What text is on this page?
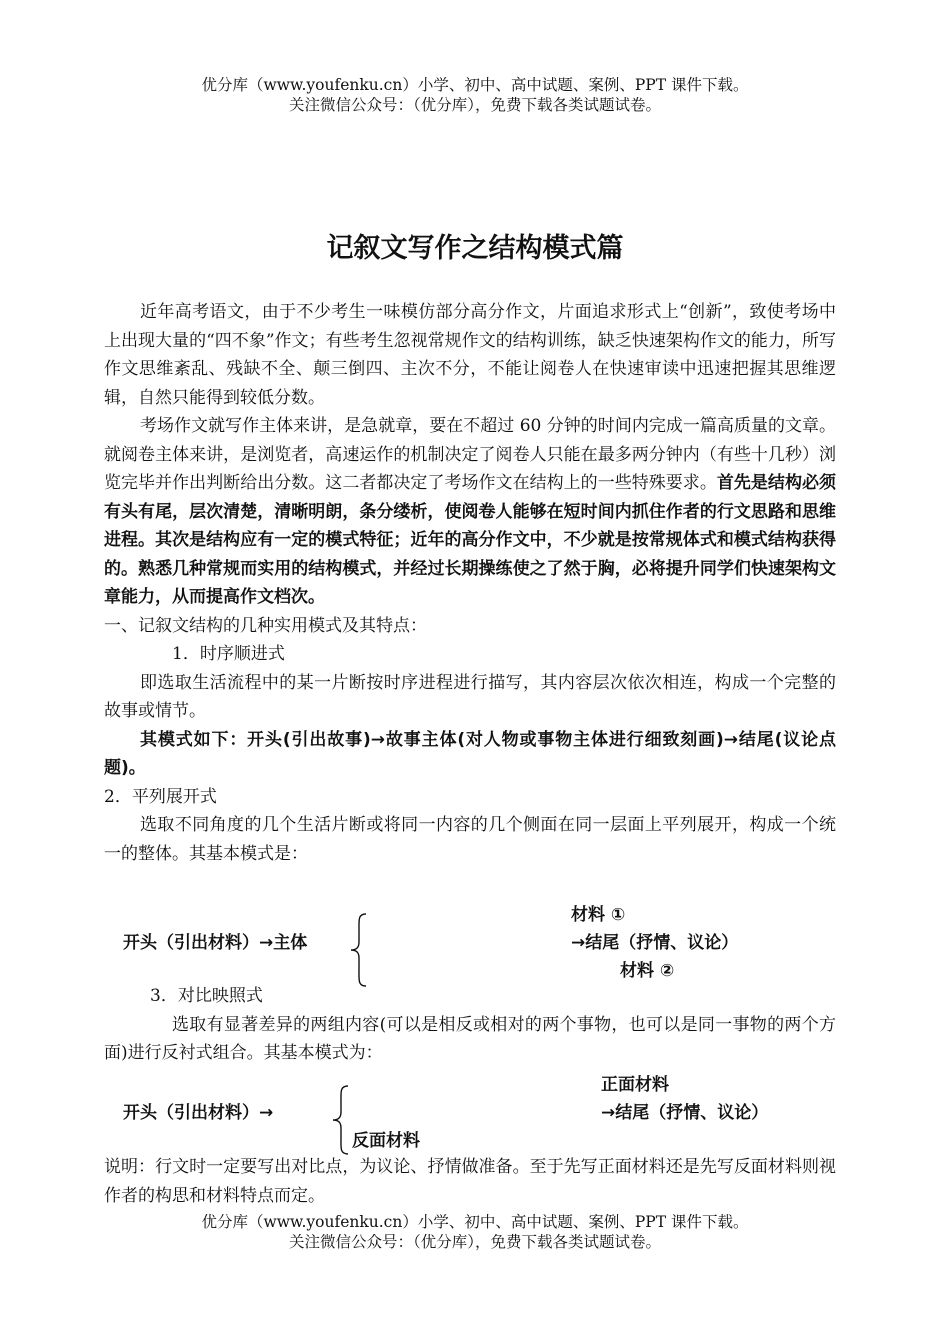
优分库（www.youfenku.cn）小学、初中、高中试题、案例、PPT 课件下载。
关注微信公众号：（优分库），免费下载各类试题试卷。
记叙文写作之结构模式篇

近年高考语文，由于不少考生一味模仿部分高分作文，片面追求形式上“创新”，致使考场中上出现大量的“四不象”作文；有些考生忽视常规作文的结构训练，缺乏快速架构作文的能力，所写作文思维紊乱、残缺不全、颠三倒四、主次不分，不能让阅卷人在快速审读中迅速把握其思维逻辑，自然只能得到较低分数。

考场作文就写作主体来讲，是急就章，要在不超过 60 分钟的时间内完成一篇高质量的文章。就阅卷主体来讲，是浏览者，高速运作的机制决定了阅卷人只能在最多两分钟内（有些十几秒）浏览完毕并作出判断给出分数。这二者都决定了考场作文在结构上的一些特殊要求。首先是结构必须有头有尾，层次清楚，清晰明朗，条分缕析，使阅卷人能够在短时间内抓住作者的行文思路和思维进程。其次是结构应有一定的模式特征；近年的高分作文中，不少就是按常规体式和模式结构获得的。熟悉几种常规而实用的结构模式，并经过长期操练使之了然于胸，必将提升同学们快速架构文章能力，从而提高作文档次。

一、记叙文结构的几种实用模式及其特点：

1．时序顺进式

即选取生活流程中的某一片断按时序进程进行描写，其内容层次依次相连，构成一个完整的故事或情节。

其模式如下：开头(引出故事)→故事主体(对人物或事物主体进行细致刻画)→结尾(议论点题)。

2．平列展开式

选取不同角度的几个生活片断或将同一内容的几个侧面在同一层面上平列展开，构成一个统一的整体。其基本模式是：

开头（引出材料）→主体
材料 ①
→结尾（抒情、议论）
材料 ②

3．对比映照式

选取有显著差异的两组内容(可以是相反或相对的两个事物，也可以是同一事物的两个方面)进行反衬式组合。其基本模式为：

开头（引出材料）→
正面材料
→结尾（抒情、议论）
反面材料

说明：行文时一定要写出对比点，为议论、抒情做准备。至于先写正面材料还是先写反面材料则视作者的构思和材料特点而定。

优分库（www.youfenku.cn）小学、初中、高中试题、案例、PPT 课件下载。
关注微信公众号：（优分库），免费下载各类试题试卷。
